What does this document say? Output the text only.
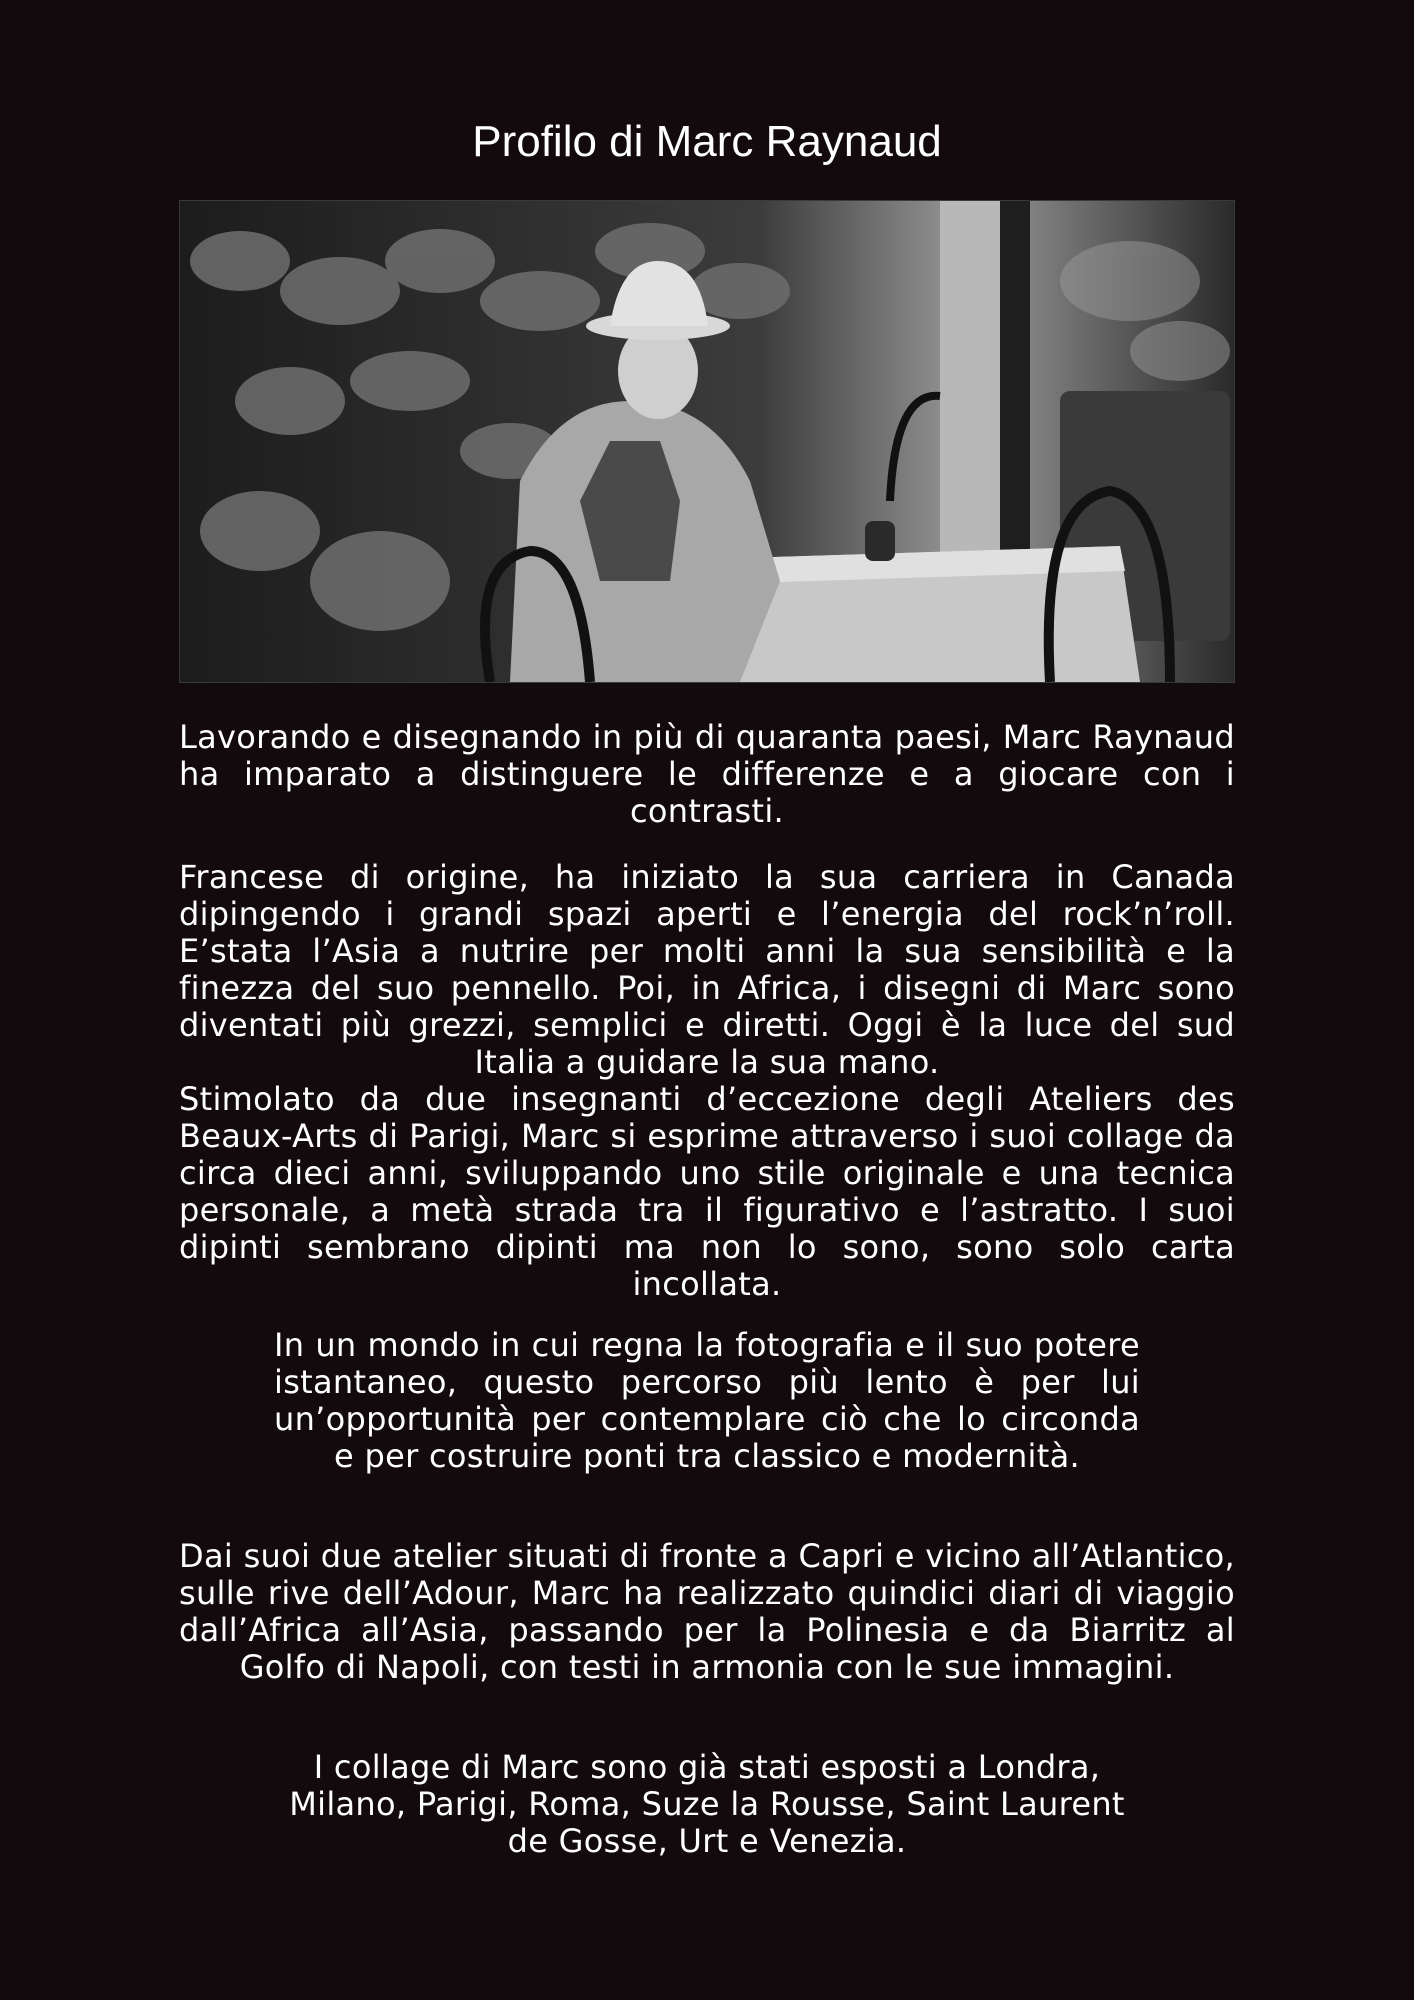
Profilo di Marc Raynaud

Lavorando e disegnando in più di quaranta paesi, Marc Raynaud ha imparato a distinguere le differenze e a giocare con i contrasti.

Francese di origine, ha iniziato la sua carriera in Canada dipingendo i grandi spazi aperti e l’energia del rock’n’roll. E’stata l’Asia a nutrire per molti anni la sua sensibilità e la finezza del suo pennello. Poi, in Africa, i disegni di Marc sono diventati più grezzi, semplici e diretti. Oggi è la luce del sud Italia a guidare la sua mano.

Stimolato da due insegnanti d’eccezione degli Ateliers des Beaux-Arts di Parigi, Marc si esprime attraverso i suoi collage da circa dieci anni, sviluppando uno stile originale e una tecnica personale, a metà strada tra il figurativo e l’astratto. I suoi dipinti sembrano dipinti ma non lo sono, sono solo carta incollata.

In un mondo in cui regna la fotografia e il suo potere istantaneo, questo percorso più lento è per lui un’opportunità per contemplare ciò che lo circonda e per costruire ponti tra classico e modernità.

Dai suoi due atelier situati di fronte a Capri e vicino all’Atlantico, sulle rive dell’Adour, Marc ha realizzato quindici diari di viaggio dall’Africa all’Asia, passando per la Polinesia e da Biarritz al Golfo di Napoli, con testi in armonia con le sue immagini.

I collage di Marc sono già stati esposti a Londra, Milano, Parigi, Roma, Suze la Rousse, Saint Laurent de Gosse, Urt e Venezia.
